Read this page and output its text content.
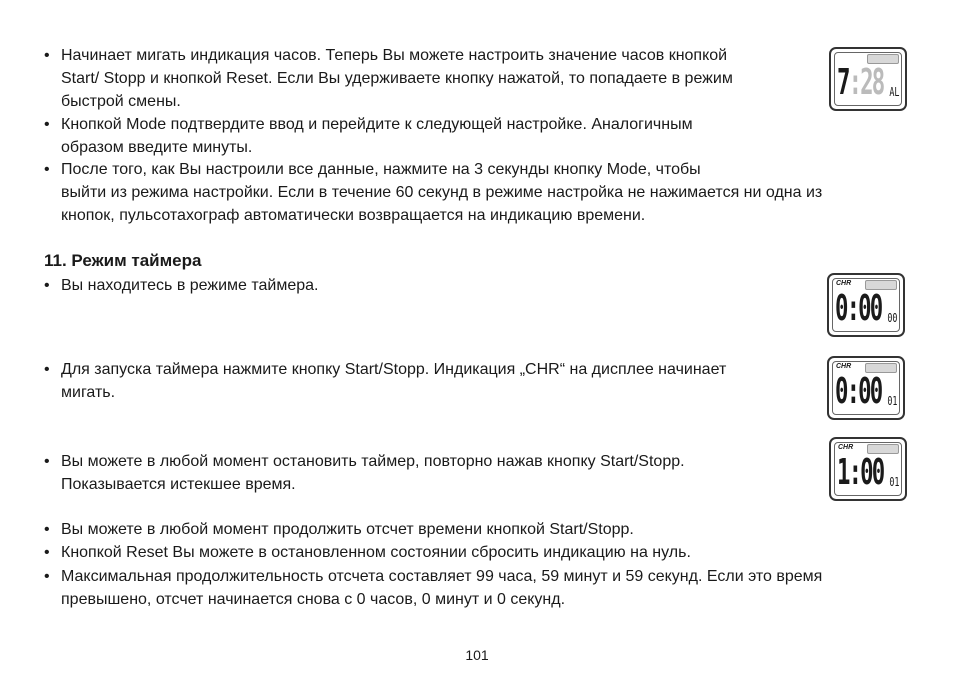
• Начинает мигать индикация часов. Теперь Вы можете настроить значение часов кнопкой
Start/ Stopp и кнопкой Reset. Если Вы удерживаете кнопку нажатой, то попадаете в режим
быстрой смены.
• Кнопкой Mode подтвердите ввод и перейдите к следующей настройке. Аналогичным
образом введите минуты.
• После того, как Вы настроили все данные, нажмите на 3 секунды кнопку Mode, чтобы
выйти из режима настройки. Если в течение 60 секунд в режиме настройка не нажимается ни одна из
кнопок, пульсотахограф автоматически возвращается на индикацию времени.
11. Режим таймера
• Вы находитесь в режиме таймера.
• Для запуска таймера нажмите кнопку Start/Stopp. Индикация „CHR“ на дисплее начинает
мигать.
• Вы можете в любой момент остановить таймер, повторно нажав кнопку Start/Stopp.
Показывается истекшее время.
• Вы можете в любой момент продолжить отсчет времени кнопкой Start/Stopp.
• Кнопкой Reset Вы можете в остановленном состоянии сбросить индикацию на нуль.
• Максимальная продолжительность отсчета составляет 99 часа, 59 минут и 59 секунд. Если это время
превышено, отсчет начинается снова с 0 часов, 0 минут и 0 секунд.
7:28 AL
CHR
0:00 00
CHR
0:00 01
CHR
1:00 01
101
